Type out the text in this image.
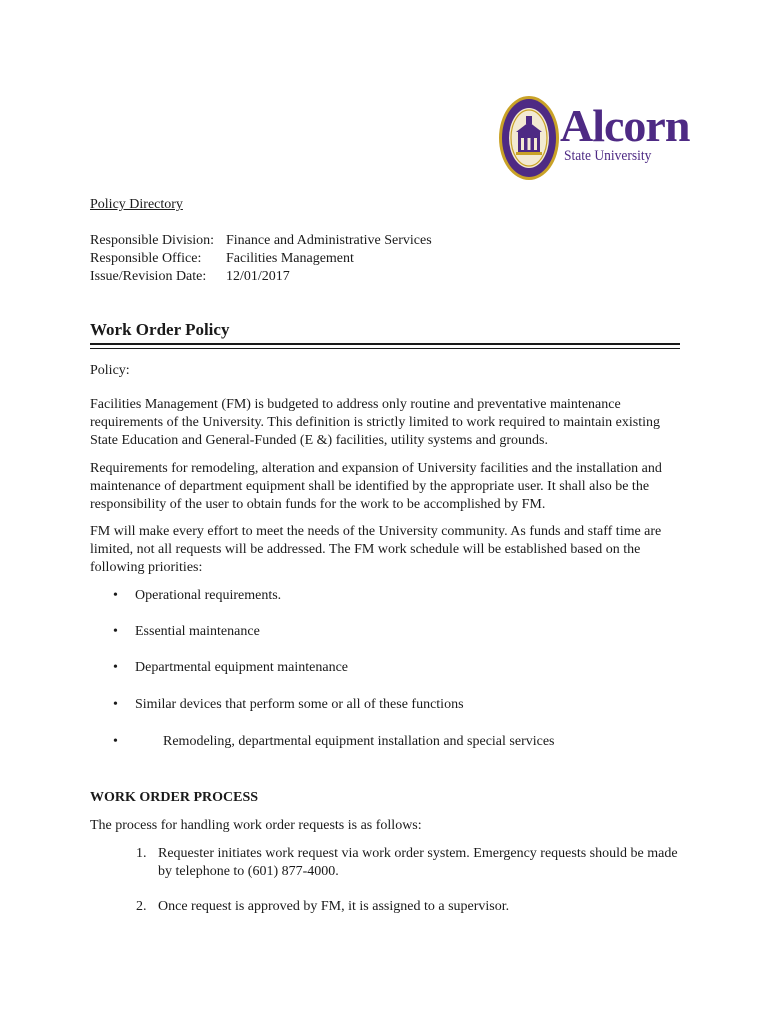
Alcorn
State University
Policy Directory
Responsible Division: Finance and Administrative Services
Responsible Office: Facilities Management
Issue/Revision Date: 12/01/2017
Work Order Policy
Policy:
Facilities Management (FM) is budgeted to address only routine and preventative maintenance
requirements of the University. This definition is strictly limited to work required to maintain existing
State Education and General-Funded (E &) facilities, utility systems and grounds.
Requirements for remodeling, alteration and expansion of University facilities and the installation and
maintenance of department equipment shall be identified by the appropriate user. It shall also be the
responsibility of the user to obtain funds for the work to be accomplished by FM.
FM will make every effort to meet the needs of the University community. As funds and staff time are
limited, not all requests will be addressed. The FM work schedule will be established based on the
following priorities:
• Operational requirements.
• Essential maintenance
• Departmental equipment maintenance
• Similar devices that perform some or all of these functions
•	Remodeling, departmental equipment installation and special services
WORK ORDER PROCESS
The process for handling work order requests is as follows:
1. Requester initiates work request via work order system. Emergency requests should be made
by telephone to (601) 877-4000.
2. Once request is approved by FM, it is assigned to a supervisor.
